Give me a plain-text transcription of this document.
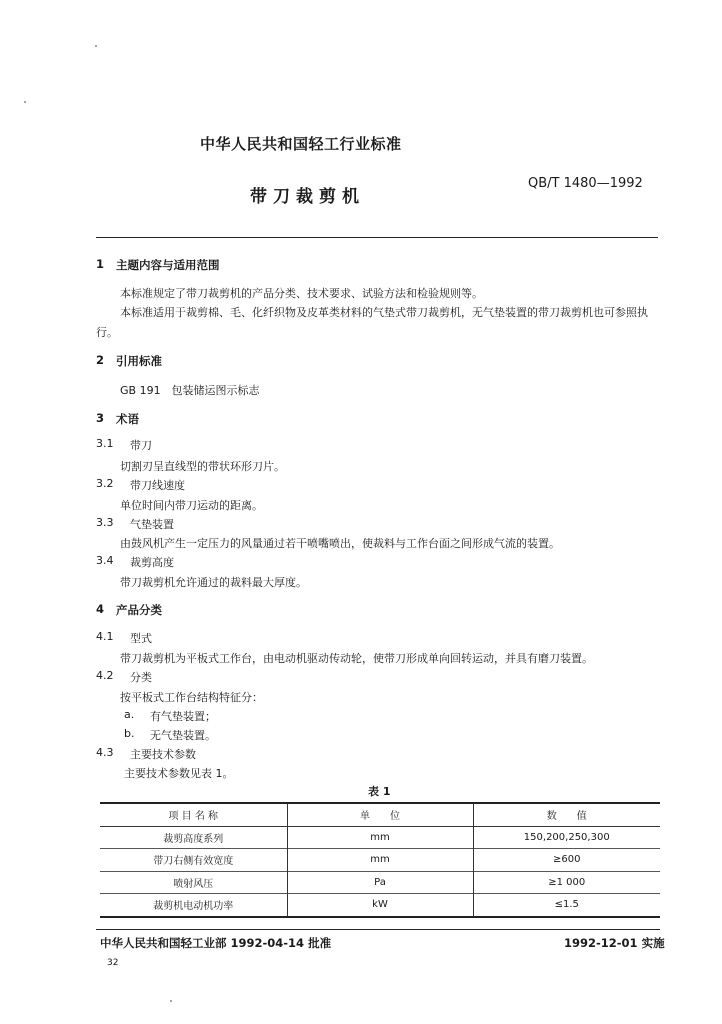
中华人民共和国轻工行业标准
带刀裁剪机
QB/T 1480—1992
1 主题内容与适用范围
本标准规定了带刀裁剪机的产品分类、技术要求、试验方法和检验规则等。
本标准适用于裁剪棉、毛、化纤织物及皮革类材料的气垫式带刀裁剪机，无气垫装置的带刀裁剪机也可参照执行。
2 引用标准
GB 191　包装储运图示标志
3 术语
3.1 带刀
切割刃呈直线型的带状环形刀片。
3.2 带刀线速度
单位时间内带刀运动的距离。
3.3 气垫装置
由鼓风机产生一定压力的风量通过若干喷嘴喷出，使裁料与工作台面之间形成气流的装置。
3.4 裁剪高度
带刀裁剪机允许通过的裁料最大厚度。
4 产品分类
4.1 型式
带刀裁剪机为平板式工作台，由电动机驱动传动轮，使带刀形成单向回转运动，并具有磨刀装置。
4.2 分类
按平板式工作台结构特征分：
a. 有气垫装置；
b. 无气垫装置。
4.3 主要技术参数
主要技术参数见表 1。
表 1
项 目 名 称	单　　位	数　　值
裁剪高度系列	mm	150,200,250,300
带刀右侧有效宽度	mm	≥600
喷射风压	Pa	≥1 000
裁剪机电动机功率	kW	≤1.5
中华人民共和国轻工业部 1992-04-14 批准	1992-12-01 实施
32
